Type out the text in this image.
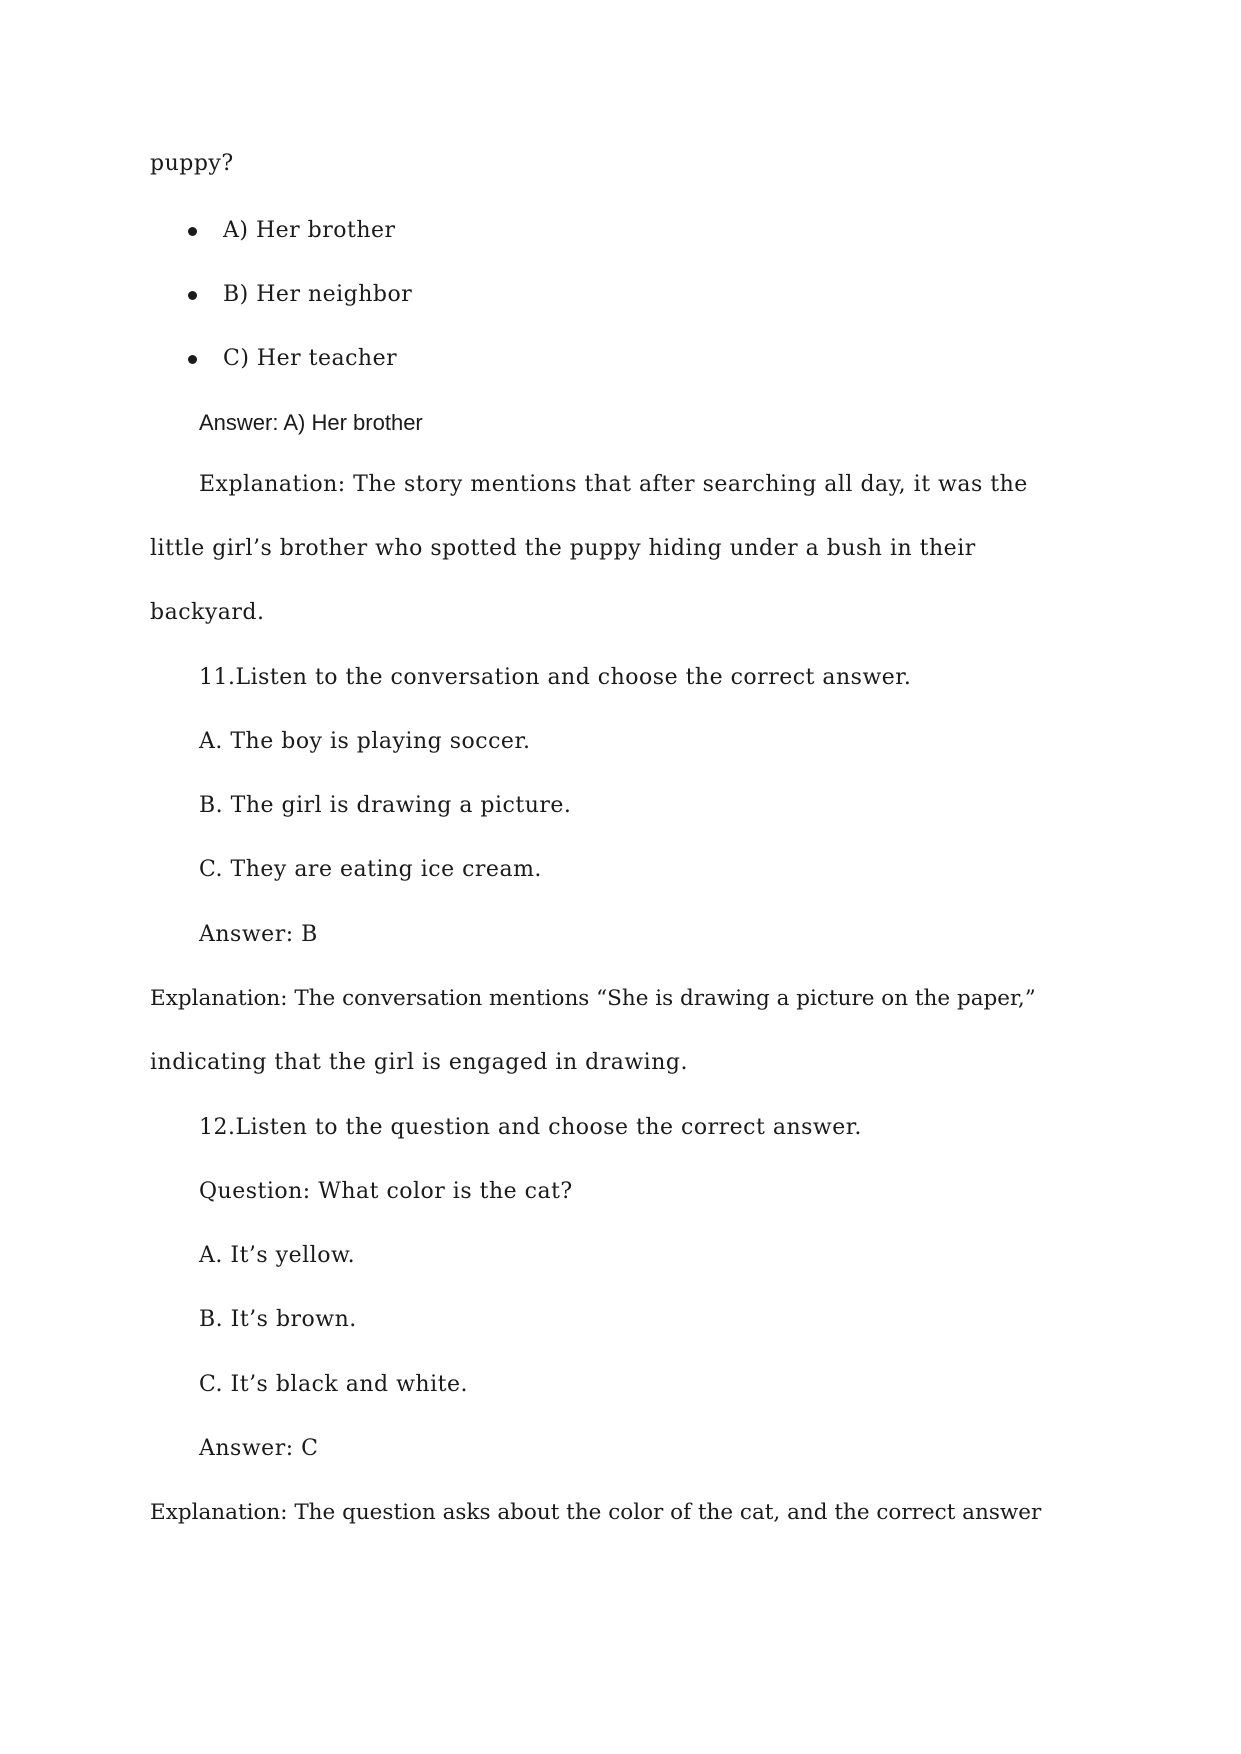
puppy?

A) Her brother

B) Her neighbor

C) Her teacher

Answer: A) Her brother

Explanation: The story mentions that after searching all day, it was the

little girl’s brother who spotted the puppy hiding under a bush in their

backyard.

11.Listen to the conversation and choose the correct answer.

A. The boy is playing soccer.

B. The girl is drawing a picture.

C. They are eating ice cream.

Answer: B

Explanation: The conversation mentions “She is drawing a picture on the paper,”

indicating that the girl is engaged in drawing.

12.Listen to the question and choose the correct answer.

Question: What color is the cat?

A. It’s yellow.

B. It’s brown.

C. It’s black and white.

Answer: C

Explanation: The question asks about the color of the cat, and the correct answer
